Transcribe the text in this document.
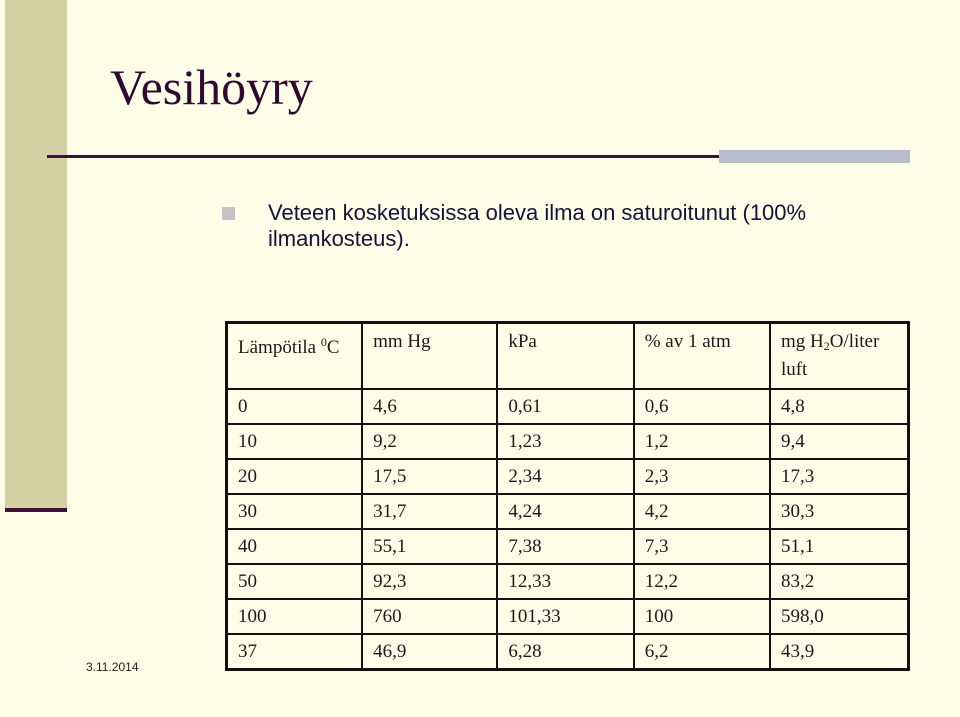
Vesihöyry
Veteen kosketuksissa oleva ilma on saturoitunut (100% ilmankosteus).
Lämpötila $^0$C	mm Hg	kPa	% av 1 atm	mg $H_2O$/liter luft
0	4,6	0,61	0,6	4,8
10	9,2	1,23	1,2	9,4
20	17,5	2,34	2,3	17,3
30	31,7	4,24	4,2	30,3
40	55,1	7,38	7,3	51,1
50	92,3	12,33	12,2	83,2
100	760	101,33	100	598,0
37	46,9	6,28	6,2	43,9
3.11.2014
